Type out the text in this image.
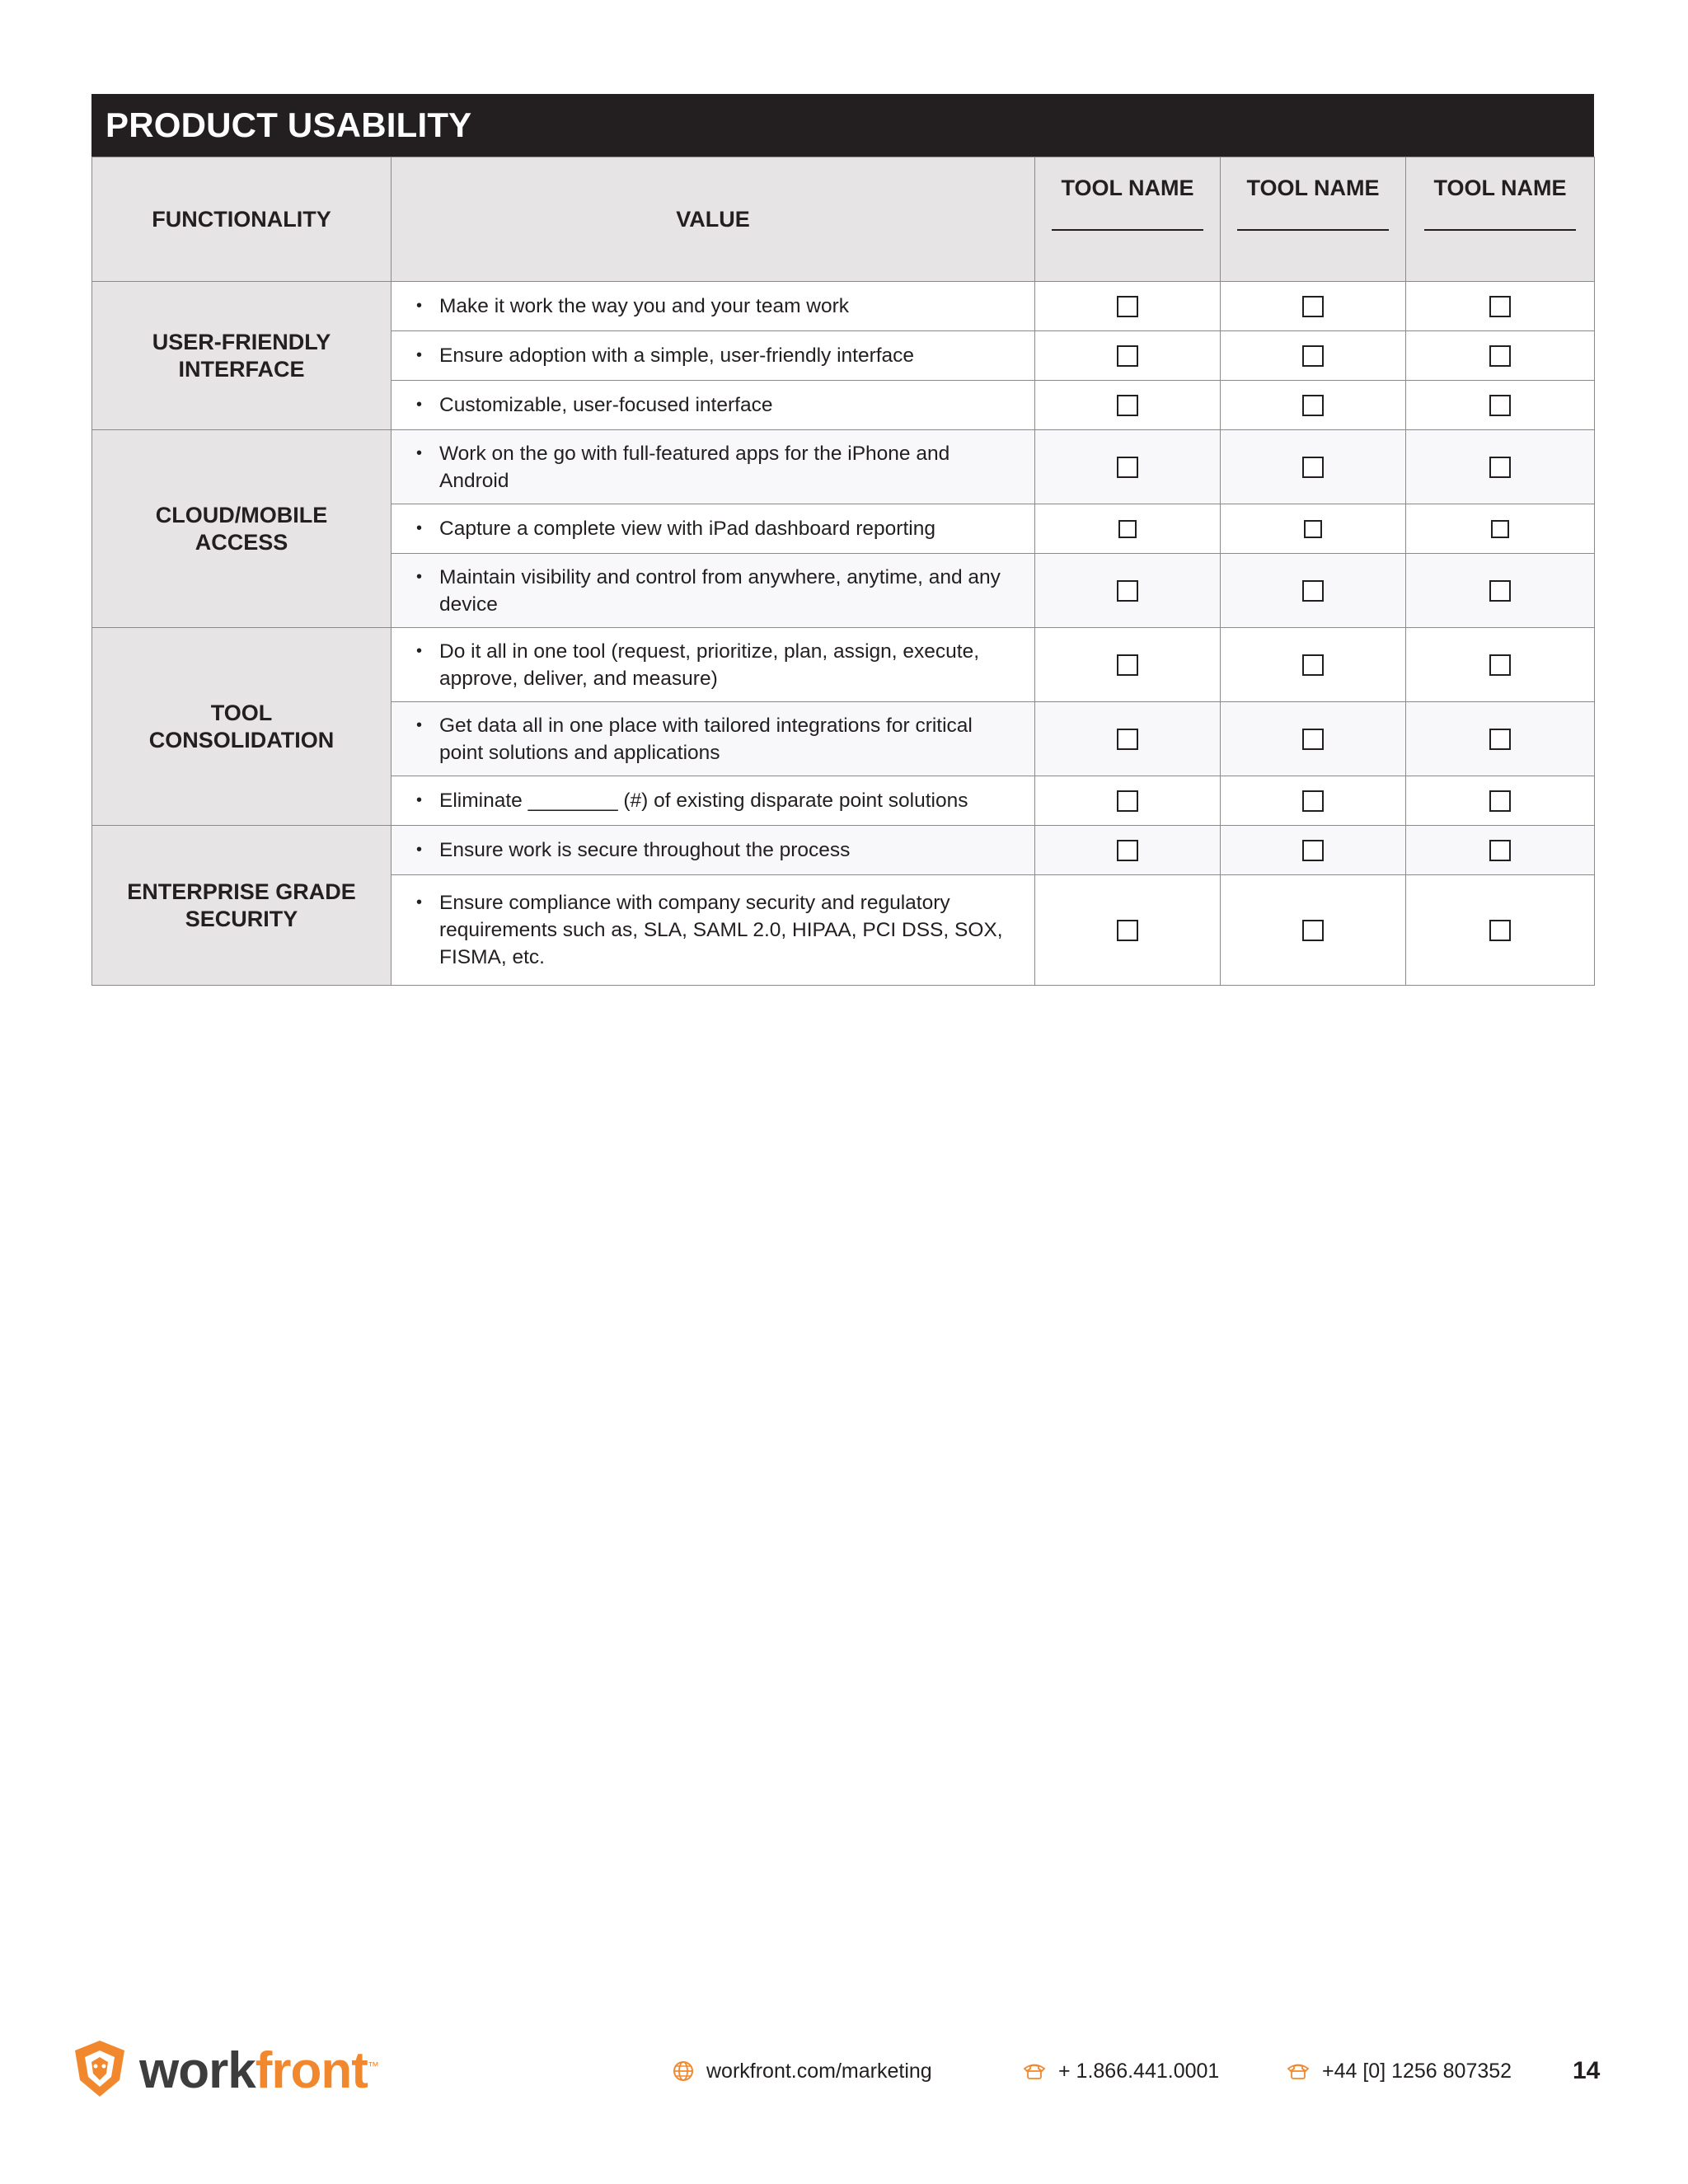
PRODUCT USABILITY
FUNCTIONALITY	VALUE	TOOL NAME	TOOL NAME	TOOL NAME

USER-FRIENDLY INTERFACE	• Make it work the way you and your team work			

	• Ensure adoption with a simple, user-friendly interface			

	• Customizable, user-focused interface			

CLOUD/MOBILE ACCESS	• Work on the go with full-featured apps for the iPhone and Android			

	• Capture a complete view with iPad dashboard reporting			

	• Maintain visibility and control from anywhere, anytime, and any device			

TOOL CONSOLIDATION	• Do it all in one tool (request, prioritize, plan, assign, execute, approve, deliver, and measure)			

	• Get data all in one place with tailored integrations for critical point solutions and applications			

	• Eliminate ________ (#) of existing disparate point solutions			

ENTERPRISE GRADE SECURITY	• Ensure work is secure throughout the process			

	• Ensure compliance with company security and regulatory requirements such as, SLA, SAML 2.0, HIPAA, PCI DSS, SOX, FISMA, etc.			

workfront™	workfront.com/marketing	+ 1.866.441.0001	+44 [0] 1256 807352 14
